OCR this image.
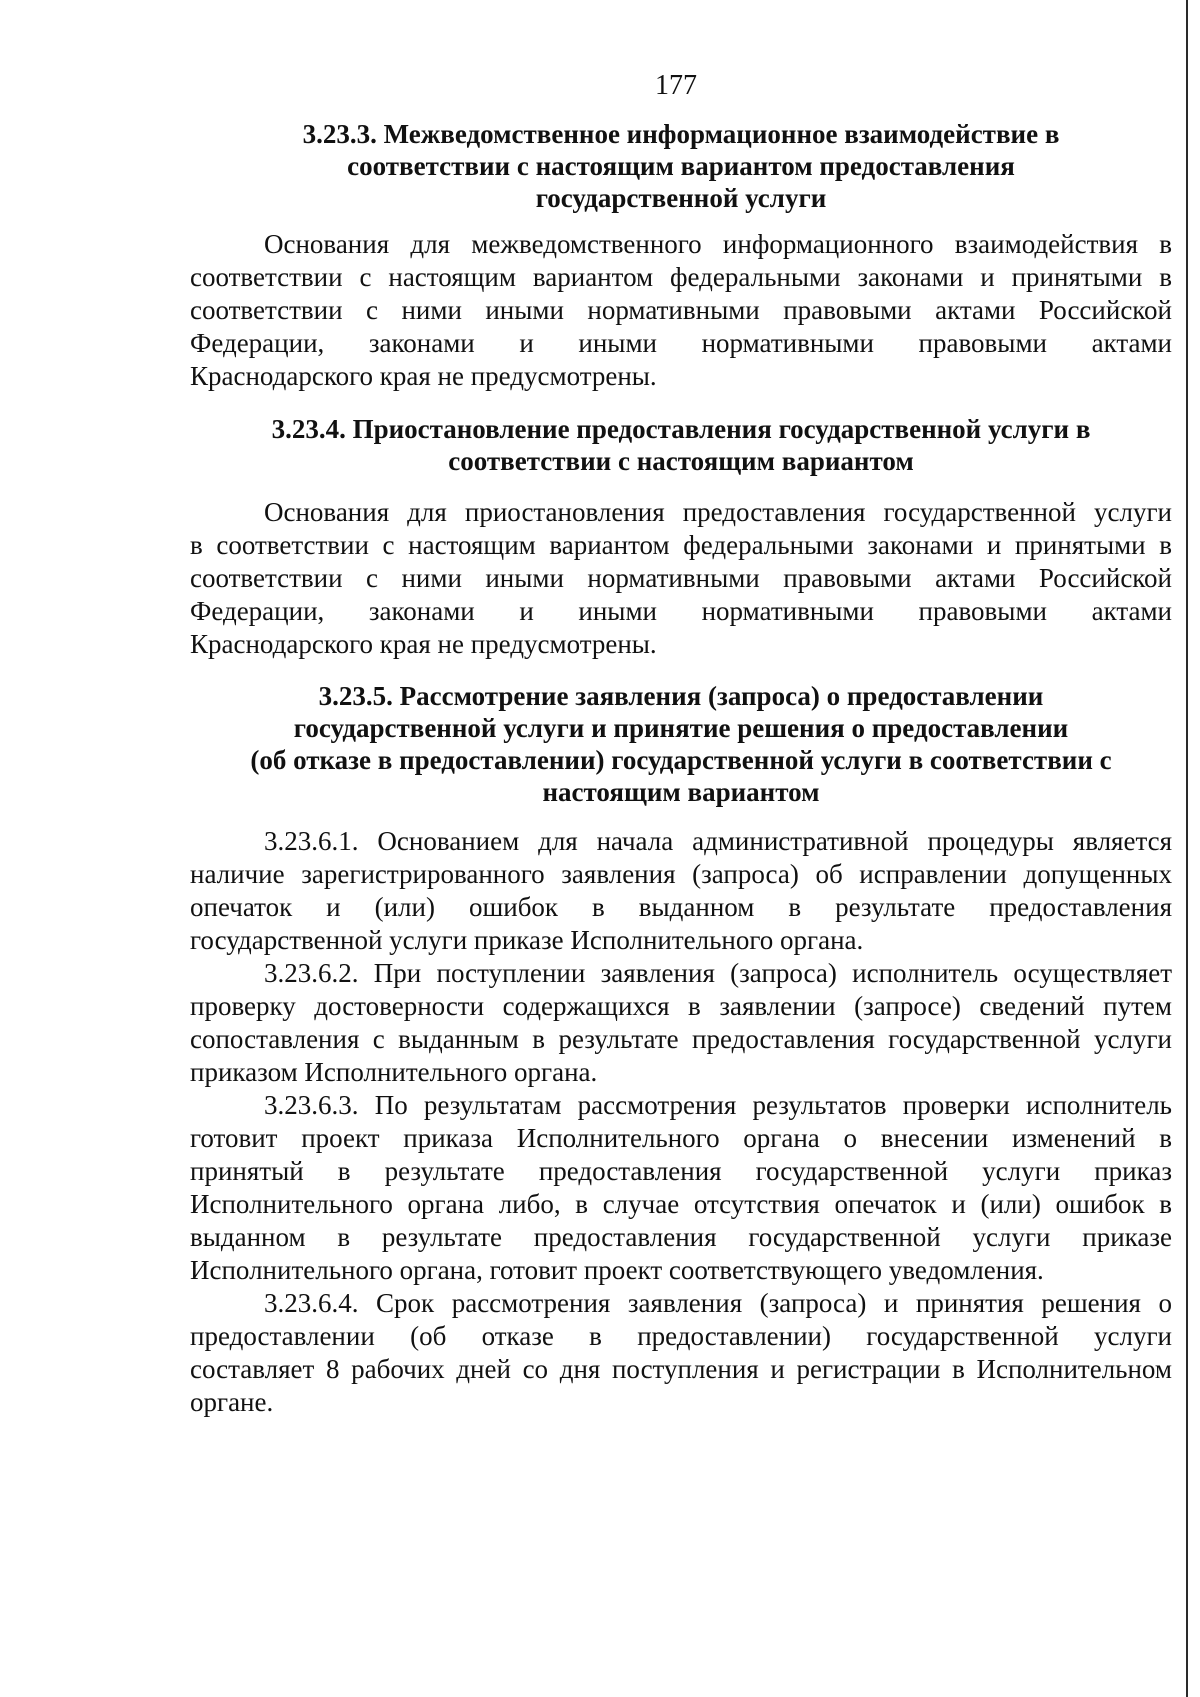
177
3.23.3. Межведомственное информационное взаимодействие в
соответствии с настоящим вариантом предоставления
государственной услуги
Основания для межведомственного информационного взаимодействия в
соответствии с настоящим вариантом федеральными законами и принятыми в
соответствии с ними иными нормативными правовыми актами Российской
Федерации, законами и иными нормативными правовыми актами
Краснодарского края не предусмотрены.
3.23.4. Приостановление предоставления государственной услуги в
соответствии с настоящим вариантом
Основания для приостановления предоставления государственной услуги
в соответствии с настоящим вариантом федеральными законами и принятыми в
соответствии с ними иными нормативными правовыми актами Российской
Федерации, законами и иными нормативными правовыми актами
Краснодарского края не предусмотрены.
3.23.5. Рассмотрение заявления (запроса) о предоставлении
государственной услуги и принятие решения о предоставлении
(об отказе в предоставлении) государственной услуги в соответствии с
настоящим вариантом
3.23.6.1. Основанием для начала административной процедуры является
наличие зарегистрированного заявления (запроса) об исправлении допущенных
опечаток и (или) ошибок в выданном в результате предоставления
государственной услуги приказе Исполнительного органа.
3.23.6.2. При поступлении заявления (запроса) исполнитель осуществляет
проверку достоверности содержащихся в заявлении (запросе) сведений путем
сопоставления с выданным в результате предоставления государственной услуги
приказом Исполнительного органа.
3.23.6.3. По результатам рассмотрения результатов проверки исполнитель
готовит проект приказа Исполнительного органа о внесении изменений в
принятый в результате предоставления государственной услуги приказ
Исполнительного органа либо, в случае отсутствия опечаток и (или) ошибок в
выданном в результате предоставления государственной услуги приказе
Исполнительного органа, готовит проект соответствующего уведомления.
3.23.6.4. Срок рассмотрения заявления (запроса) и принятия решения о
предоставлении (об отказе в предоставлении) государственной услуги
составляет 8 рабочих дней со дня поступления и регистрации в Исполнительном
органе.
